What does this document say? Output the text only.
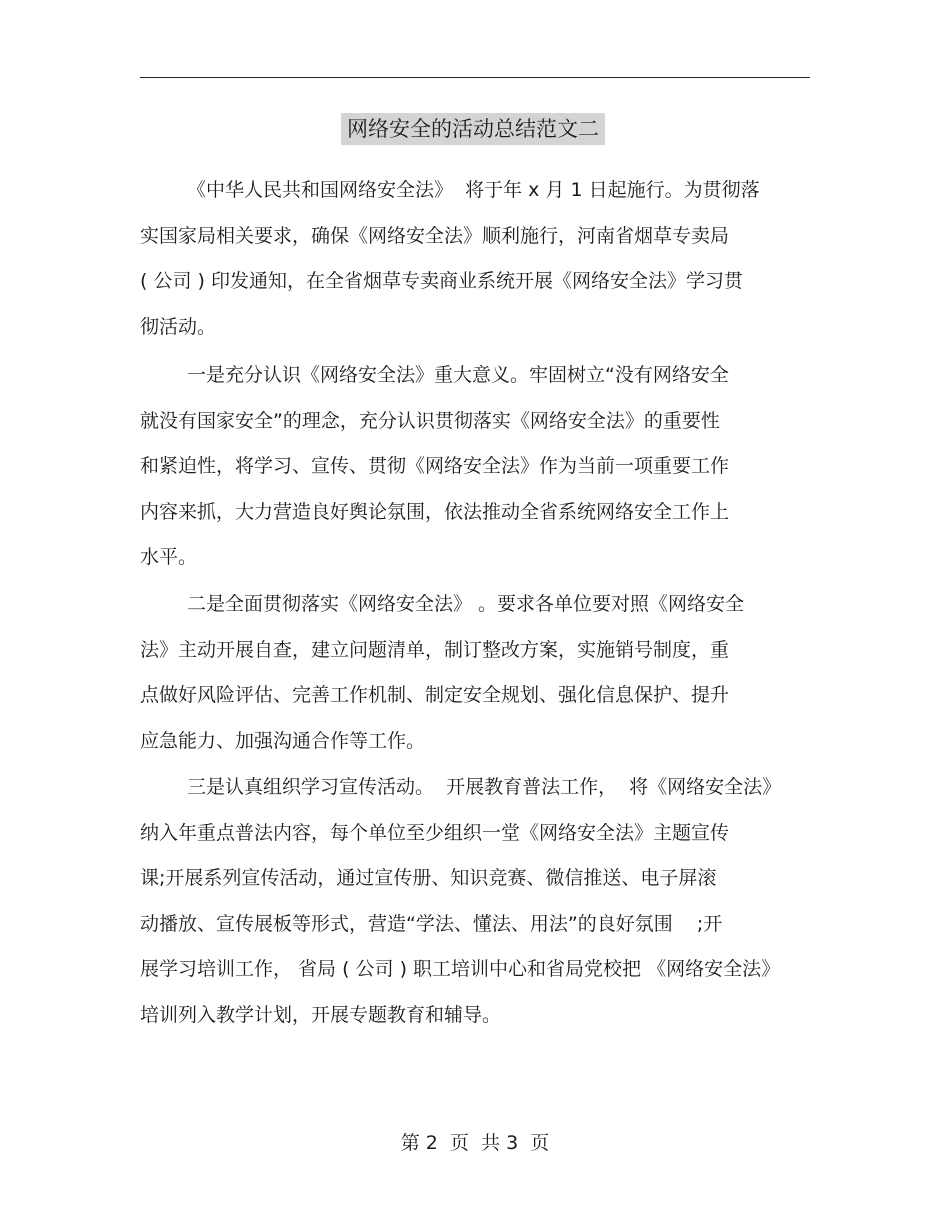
网络安全的活动总结范文二
《中华人民共和国网络安全法》  将于年 x 月 1 日起施行。为贯彻落
实国家局相关要求，确保《网络安全法》顺利施行，河南省烟草专卖局
( 公司 ) 印发通知，在全省烟草专卖商业系统开展《网络安全法》学习贯
彻活动。
一是充分认识《网络安全法》重大意义。牢固树立“没有网络安全
就没有国家安全”的理念，充分认识贯彻落实《网络安全法》的重要性
和紧迫性，将学习、宣传、贯彻《网络安全法》作为当前一项重要工作
内容来抓，大力营造良好舆论氛围，依法推动全省系统网络安全工作上
水平。
二是全面贯彻落实《网络安全法》 。要求各单位要对照《网络安全
法》主动开展自查，建立问题清单，制订整改方案，实施销号制度，重
点做好风险评估、完善工作机制、制定安全规划、强化信息保护、提升
应急能力、加强沟通合作等工作。
三是认真组织学习宣传活动。  开展教育普法工作，  将《网络安全法》
纳入年重点普法内容，每个单位至少组织一堂《网络安全法》主题宣传
课;开展系列宣传活动，通过宣传册、知识竞赛、微信推送、电子屏滚
动播放、宣传展板等形式，营造“学法、懂法、用法”的良好氛围    ;开
展学习培训工作， 省局 ( 公司 ) 职工培训中心和省局党校把 《网络安全法》
培训列入教学计划，开展专题教育和辅导。
第 2  页  共 3  页
